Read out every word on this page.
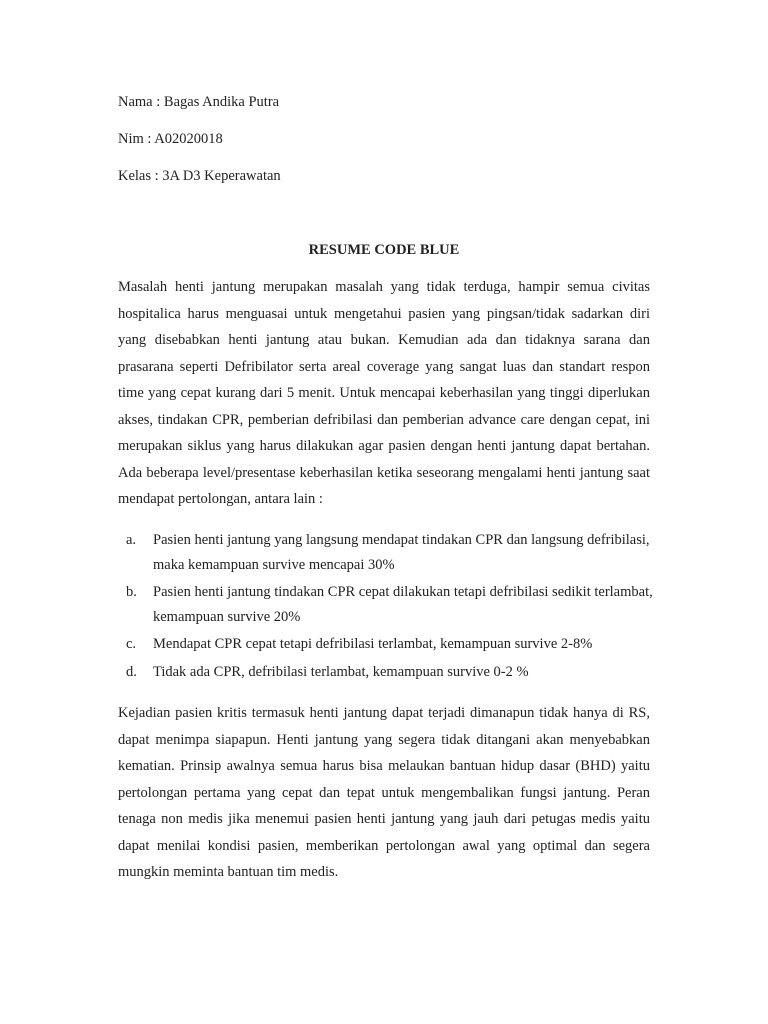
Nama : Bagas Andika Putra
Nim : A02020018
Kelas : 3A D3 Keperawatan
RESUME CODE BLUE

Masalah henti jantung merupakan masalah yang tidak terduga, hampir semua civitas hospitalica harus menguasai untuk mengetahui pasien yang pingsan/tidak sadarkan diri yang disebabkan henti jantung atau bukan. Kemudian ada dan tidaknya sarana dan prasarana seperti Defribilator serta areal coverage yang sangat luas dan standart respon time yang cepat kurang dari 5 menit. Untuk mencapai keberhasilan yang tinggi diperlukan akses, tindakan CPR, pemberian defribilasi dan pemberian advance care dengan cepat, ini merupakan siklus yang harus dilakukan agar pasien dengan henti jantung dapat bertahan. Ada beberapa level/presentase keberhasilan ketika seseorang mengalami henti jantung saat mendapat pertolongan, antara lain :

a. Pasien henti jantung yang langsung mendapat tindakan CPR dan langsung defribilasi, maka kemampuan survive mencapai 30%
b. Pasien henti jantung tindakan CPR cepat dilakukan tetapi defribilasi sedikit terlambat, kemampuan survive 20%
c. Mendapat CPR cepat tetapi defribilasi terlambat, kemampuan survive 2-8%
d. Tidak ada CPR, defribilasi terlambat, kemampuan survive 0-2 %

Kejadian pasien kritis termasuk henti jantung dapat terjadi dimanapun tidak hanya di RS, dapat menimpa siapapun. Henti jantung yang segera tidak ditangani akan menyebabkan kematian. Prinsip awalnya semua harus bisa melaukan bantuan hidup dasar (BHD) yaitu pertolongan pertama yang cepat dan tepat untuk mengembalikan fungsi jantung. Peran tenaga non medis jika menemui pasien henti jantung yang jauh dari petugas medis yaitu dapat menilai kondisi pasien, memberikan pertolongan awal yang optimal dan segera mungkin meminta bantuan tim medis.
